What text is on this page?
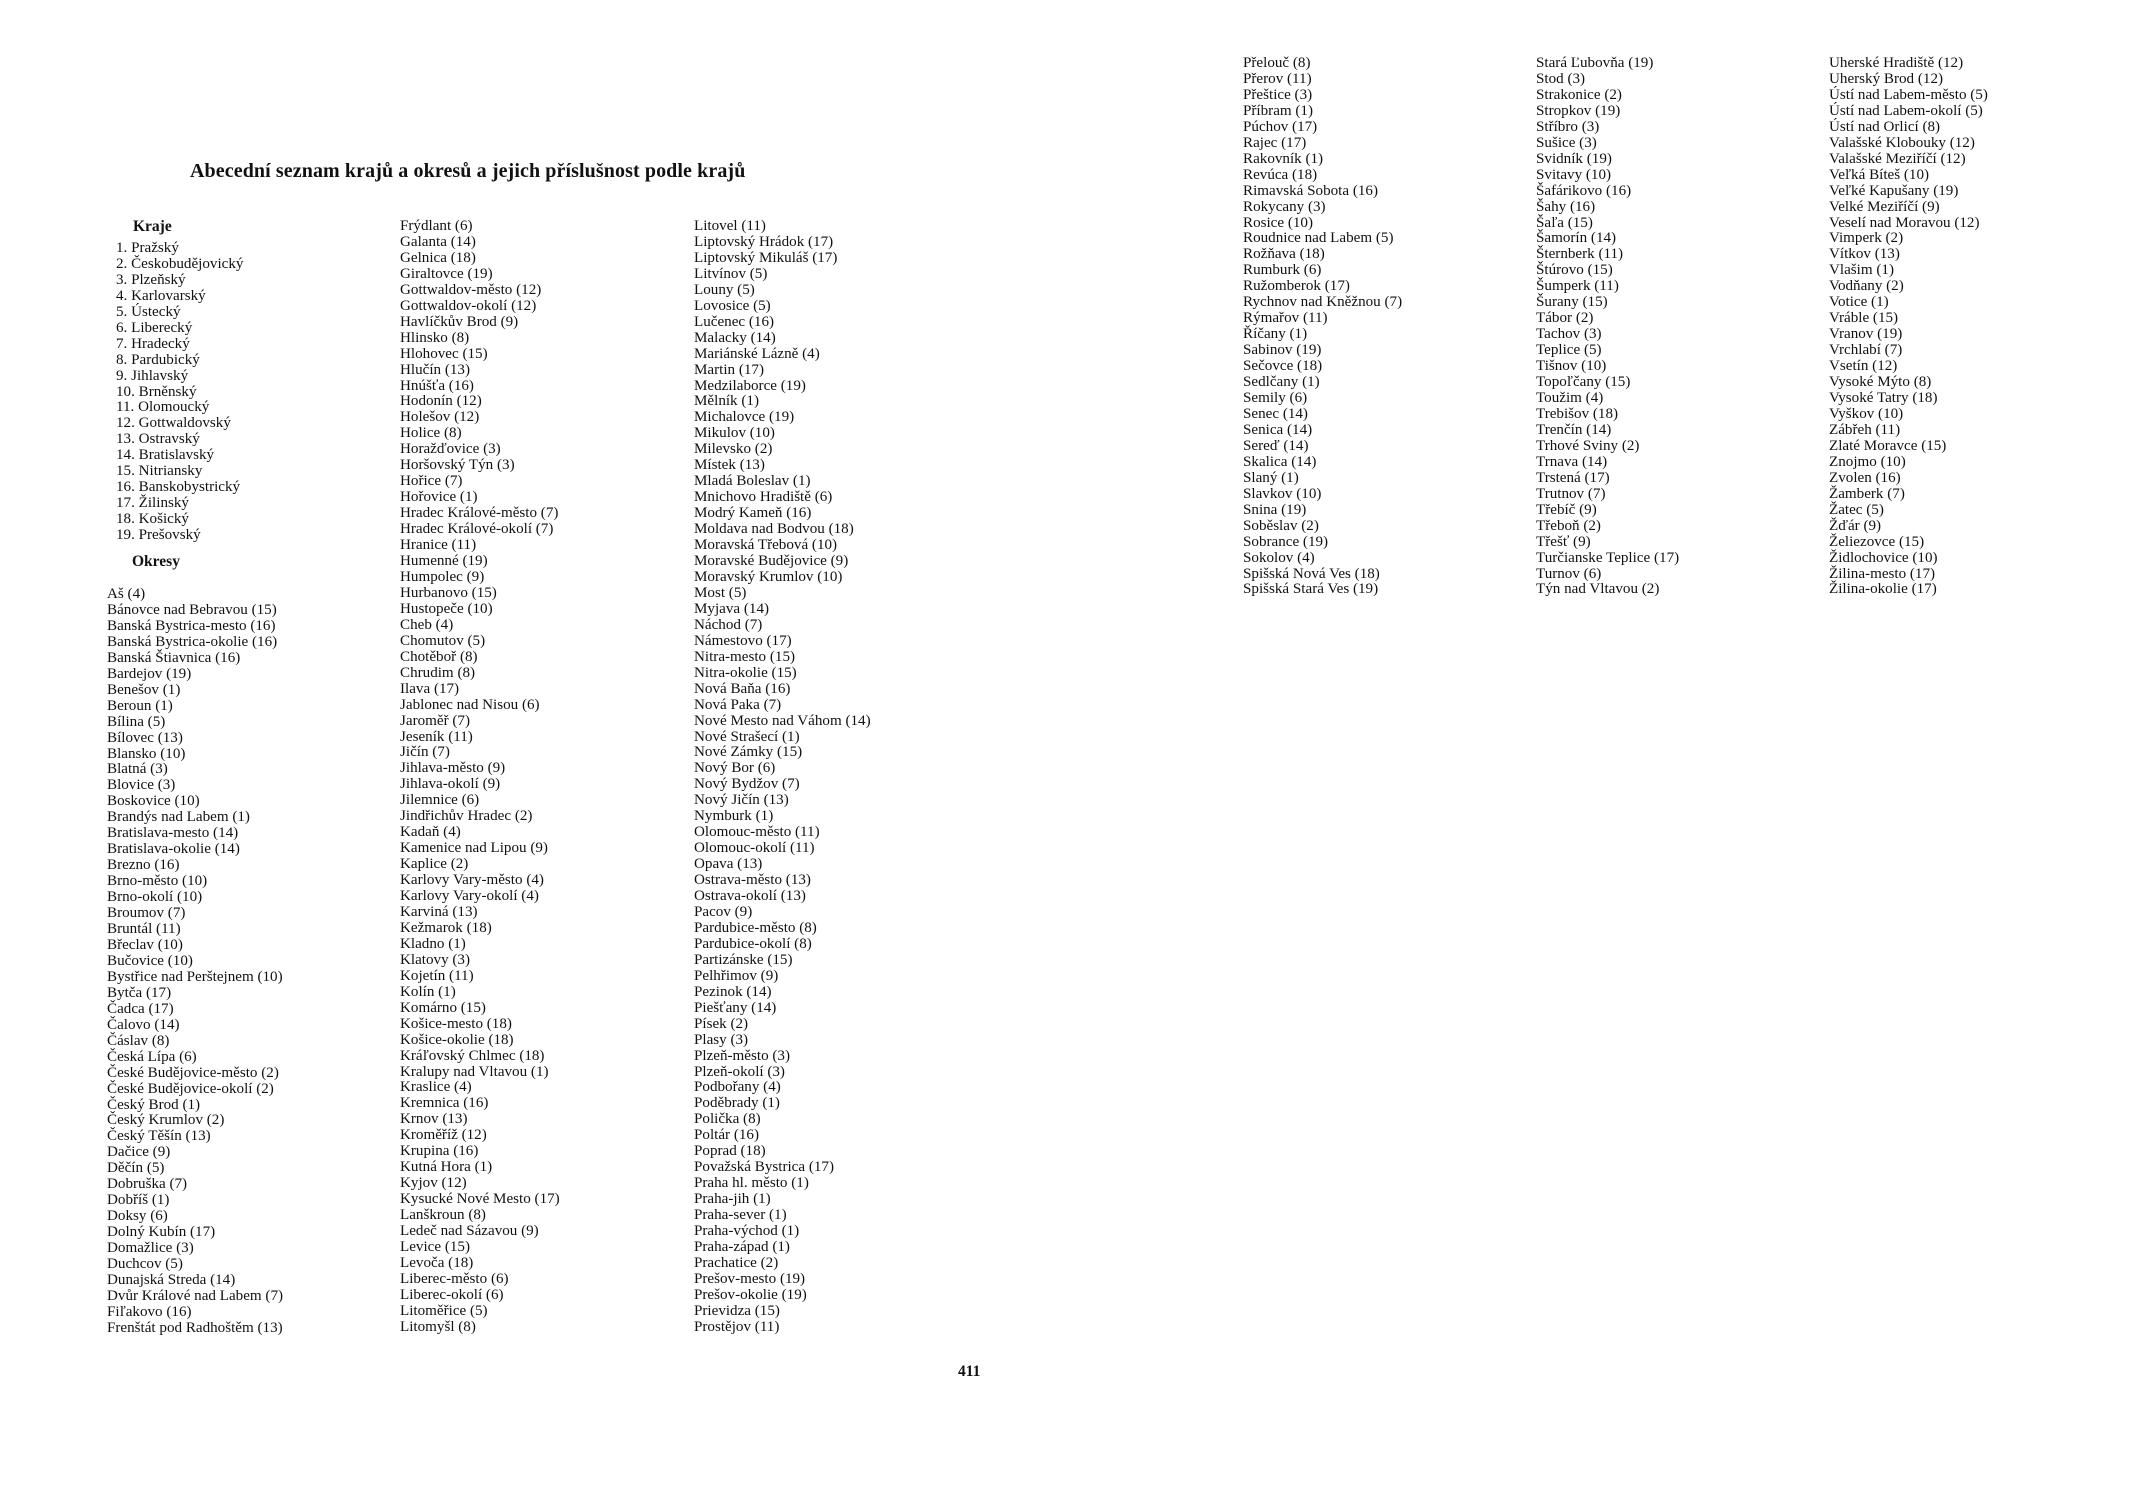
Abecední seznam krajů a okresů a jejich příslušnost podle krajů
Kraje
1. Pražský
2. Českobudějovický
3. Plzeňský
4. Karlovarský
5. Ústecký
6. Liberecký
7. Hradecký
8. Pardubický
9. Jihlavský
10. Brněnský
11. Olomoucký
12. Gottwaldovský
13. Ostravský
14. Bratislavský
15. Nitriansky
16. Banskobystrický
17. Žilinský
18. Košický
19. Prešovský
Okresy
Aš (4)
Bánovce nad Bebravou (15)
Banská Bystrica-mesto (16)
Banská Bystrica-okolie (16)
Banská Štiavnica (16)
Bardejov (19)
Benešov (1)
Beroun (1)
Bílina (5)
Bílovec (13)
Blansko (10)
Blatná (3)
Blovice (3)
Boskovice (10)
Brandýs nad Labem (1)
Bratislava-mesto (14)
Bratislava-okolie (14)
Brezno (16)
Brno-město (10)
Brno-okolí (10)
Broumov (7)
Bruntál (11)
Břeclav (10)
Bučovice (10)
Bystřice nad Perštejnem (10)
Bytča (17)
Čadca (17)
Čalovo (14)
Čáslav (8)
Česká Lípa (6)
České Budějovice-město (2)
České Budějovice-okolí (2)
Český Brod (1)
Český Krumlov (2)
Český Těšín (13)
Dačice (9)
Děčín (5)
Dobruška (7)
Dobříš (1)
Doksy (6)
Dolný Kubín (17)
Domažlice (3)
Duchcov (5)
Dunajská Streda (14)
Dvůr Králové nad Labem (7)
Fiľakovo (16)
Frenštát pod Radhoštěm (13)
Frýdlant (6)
Galanta (14)
Gelnica (18)
Giraltovce (19)
Gottwaldov-město (12)
Gottwaldov-okolí (12)
Havlíčkův Brod (9)
Hlinsko (8)
Hlohovec (15)
Hlučín (13)
Hnúšťa (16)
Hodonín (12)
Holešov (12)
Holice (8)
Horažďovice (3)
Horšovský Týn (3)
Hořice (7)
Hořovice (1)
Hradec Králové-město (7)
Hradec Králové-okolí (7)
Hranice (11)
Humenné (19)
Humpolec (9)
Hurbanovo (15)
Hustopeče (10)
Cheb (4)
Chomutov (5)
Chotěboř (8)
Chrudim (8)
Ilava (17)
Jablonec nad Nisou (6)
Jaroměř (7)
Jeseník (11)
Jičín (7)
Jihlava-město (9)
Jihlava-okolí (9)
Jilemnice (6)
Jindřichův Hradec (2)
Kadaň (4)
Kamenice nad Lipou (9)
Kaplice (2)
Karlovy Vary-město (4)
Karlovy Vary-okolí (4)
Karviná (13)
Kežmarok (18)
Kladno (1)
Klatovy (3)
Kojetín (11)
Kolín (1)
Komárno (15)
Košice-mesto (18)
Košice-okolie (18)
Kráľovský Chlmec (18)
Kralupy nad Vltavou (1)
Kraslice (4)
Kremnica (16)
Krnov (13)
Kroměříž (12)
Krupina (16)
Kutná Hora (1)
Kyjov (12)
Kysucké Nové Mesto (17)
Lanškroun (8)
Ledeč nad Sázavou (9)
Levice (15)
Levoča (18)
Liberec-město (6)
Liberec-okolí (6)
Litoměřice (5)
Litomyšl (8)
Litovel (11)
Liptovský Hrádok (17)
Liptovský Mikuláš (17)
Litvínov (5)
Louny (5)
Lovosice (5)
Lučenec (16)
Malacky (14)
Mariánské Lázně (4)
Martin (17)
Medzilaborce (19)
Mělník (1)
Michalovce (19)
Mikulov (10)
Milevsko (2)
Místek (13)
Mladá Boleslav (1)
Mnichovo Hradiště (6)
Modrý Kameň (16)
Moldava nad Bodvou (18)
Moravská Třebová (10)
Moravské Budějovice (9)
Moravský Krumlov (10)
Most (5)
Myjava (14)
Náchod (7)
Námestovo (17)
Nitra-mesto (15)
Nitra-okolie (15)
Nová Baňa (16)
Nová Paka (7)
Nové Mesto nad Váhom (14)
Nové Strašecí (1)
Nové Zámky (15)
Nový Bor (6)
Nový Bydžov (7)
Nový Jičín (13)
Nymburk (1)
Olomouc-město (11)
Olomouc-okolí (11)
Opava (13)
Ostrava-město (13)
Ostrava-okolí (13)
Pacov (9)
Pardubice-město (8)
Pardubice-okolí (8)
Partizánske (15)
Pelhřimov (9)
Pezinok (14)
Piešťany (14)
Písek (2)
Plasy (3)
Plzeň-město (3)
Plzeň-okolí (3)
Podbořany (4)
Poděbrady (1)
Polička (8)
Poltár (16)
Poprad (18)
Považská Bystrica (17)
Praha hl. město (1)
Praha-jih (1)
Praha-sever (1)
Praha-východ (1)
Praha-západ (1)
Prachatice (2)
Prešov-mesto (19)
Prešov-okolie (19)
Prievidza (15)
Prostějov (11)
Přelouč (8)
Přerov (11)
Přeštice (3)
Příbram (1)
Púchov (17)
Rajec (17)
Rakovník (1)
Revúca (18)
Rimavská Sobota (16)
Rokycany (3)
Rosice (10)
Roudnice nad Labem (5)
Rožňava (18)
Rumburk (6)
Ružomberok (17)
Rychnov nad Kněžnou (7)
Rýmařov (11)
Říčany (1)
Sabinov (19)
Sečovce (18)
Sedlčany (1)
Semily (6)
Senec (14)
Senica (14)
Sereď (14)
Skalica (14)
Slaný (1)
Slavkov (10)
Snina (19)
Soběslav (2)
Sobrance (19)
Sokolov (4)
Spišská Nová Ves (18)
Spišská Stará Ves (19)
Stará Ľubovňa (19)
Stod (3)
Strakonice (2)
Stropkov (19)
Stříbro (3)
Sušice (3)
Svidník (19)
Svitavy (10)
Šafárikovo (16)
Šahy (16)
Šaľa (15)
Šamorín (14)
Šternberk (11)
Štúrovo (15)
Šumperk (11)
Šurany (15)
Tábor (2)
Tachov (3)
Teplice (5)
Tišnov (10)
Topoľčany (15)
Toužim (4)
Trebišov (18)
Trenčín (14)
Trhové Sviny (2)
Trnava (14)
Trstená (17)
Trutnov (7)
Třebíč (9)
Třeboň (2)
Třešť (9)
Turčianske Teplice (17)
Turnov (6)
Týn nad Vltavou (2)
Uherské Hradiště (12)
Uherský Brod (12)
Ústí nad Labem-město (5)
Ústí nad Labem-okolí (5)
Ústí nad Orlicí (8)
Valašské Klobouky (12)
Valašské Meziříčí (12)
Veľká Bíteš (10)
Veľké Kapušany (19)
Velké Meziříčí (9)
Veselí nad Moravou (12)
Vimperk (2)
Vítkov (13)
Vlašim (1)
Vodňany (2)
Votice (1)
Vráble (15)
Vranov (19)
Vrchlabí (7)
Vsetín (12)
Vysoké Mýto (8)
Vysoké Tatry (18)
Vyškov (10)
Zábřeh (11)
Zlaté Moravce (15)
Znojmo (10)
Zvolen (16)
Žamberk (7)
Žatec (5)
Žďár (9)
Želiezovce (15)
Židlochovice (10)
Žilina-mesto (17)
Žilina-okolie (17)
411
